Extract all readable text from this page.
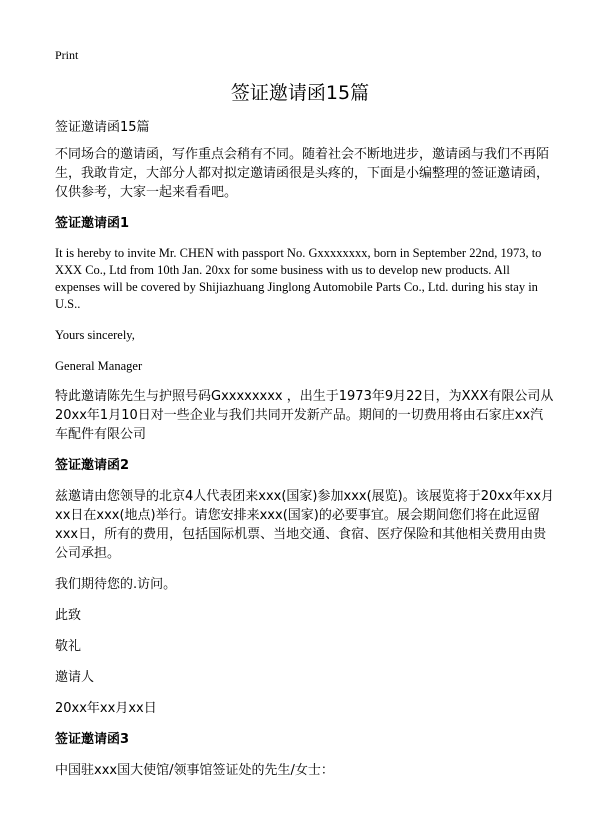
Print
签证邀请函15篇

签证邀请函15篇

不同场合的邀请函，写作重点会稍有不同。随着社会不断地进步，邀请函与我们不再陌生，我敢肯定，大部分人都对拟定邀请函很是头疼的，下面是小编整理的签证邀请函，仅供参考，大家一起来看看吧。

签证邀请函1

It is hereby to invite Mr. CHEN with passport No. Gxxxxxxxx, born in September 22nd, 1973, to XXX Co., Ltd from 10th Jan. 20xx for some business with us to develop new products. All expenses will be covered by Shijiazhuang Jinglong Automobile Parts Co., Ltd. during his stay in U.S..

Yours sincerely,

General Manager

特此邀请陈先生与护照号码Gxxxxxxxx ，出生于1973年9月22日，为XXX有限公司从20xx年1月10日对一些企业与我们共同开发新产品。期间的一切费用将由石家庄xx汽车配件有限公司

签证邀请函2

兹邀请由您领导的北京4人代表团来xxx(国家)参加xxx(展览)。该展览将于20xx年xx月xx日在xxx(地点)举行。请您安排来xxx(国家)的必要事宜。展会期间您们将在此逗留xxx日，所有的费用，包括国际机票、当地交通、食宿、医疗保险和其他相关费用由贵公司承担。

我们期待您的.访问。

此致

敬礼

邀请人

20xx年xx月xx日

签证邀请函3

中国驻xxx国大使馆/领事馆签证处的先生/女士：
